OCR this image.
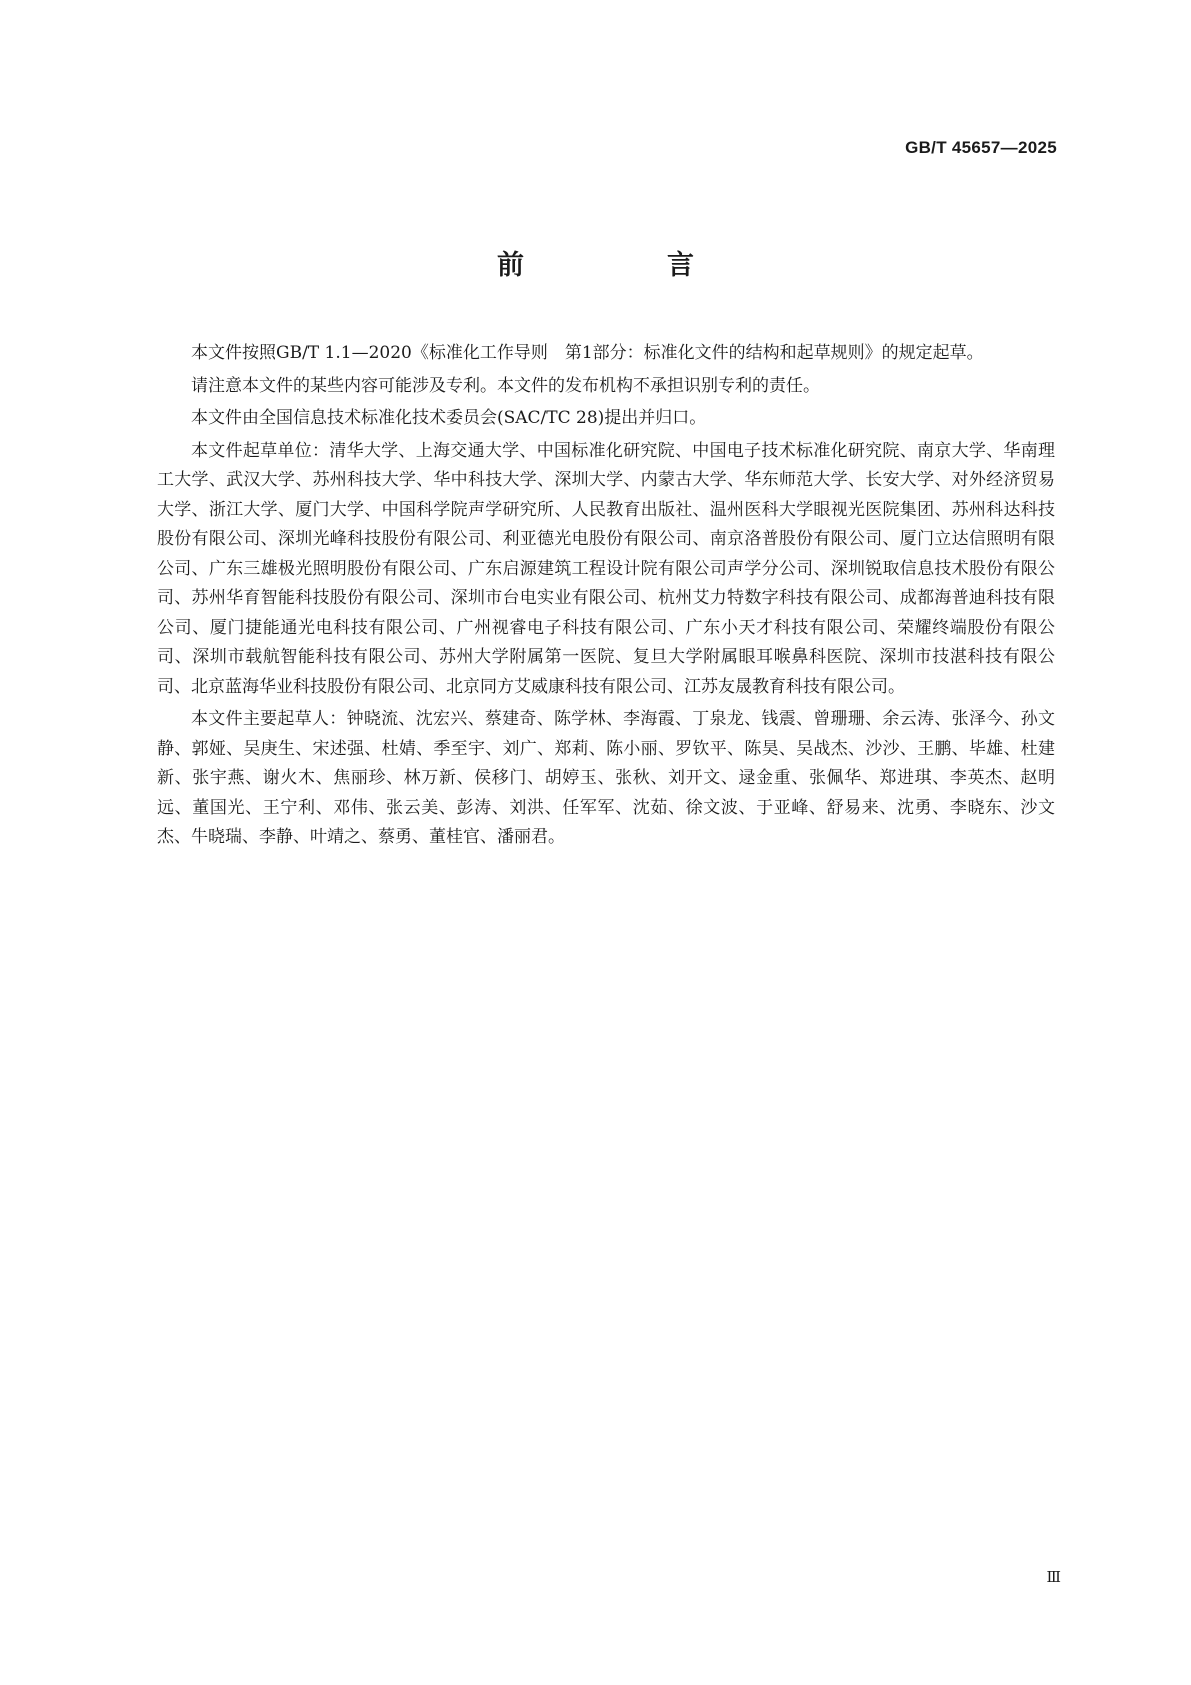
GB/T 45657—2025
前　言

本文件按照GB/T 1.1—2020《标准化工作导则　第1部分：标准化文件的结构和起草规则》的规定起草。

请注意本文件的某些内容可能涉及专利。本文件的发布机构不承担识别专利的责任。

本文件由全国信息技术标准化技术委员会(SAC/TC 28)提出并归口。

本文件起草单位：清华大学、上海交通大学、中国标准化研究院、中国电子技术标准化研究院、南京大学、华南理工大学、武汉大学、苏州科技大学、华中科技大学、深圳大学、内蒙古大学、华东师范大学、长安大学、对外经济贸易大学、浙江大学、厦门大学、中国科学院声学研究所、人民教育出版社、温州医科大学眼视光医院集团、苏州科达科技股份有限公司、深圳光峰科技股份有限公司、利亚德光电股份有限公司、南京洛普股份有限公司、厦门立达信照明有限公司、广东三雄极光照明股份有限公司、广东启源建筑工程设计院有限公司声学分公司、深圳锐取信息技术股份有限公司、苏州华育智能科技股份有限公司、深圳市台电实业有限公司、杭州艾力特数字科技有限公司、成都海普迪科技有限公司、厦门捷能通光电科技有限公司、广州视睿电子科技有限公司、广东小天才科技有限公司、荣耀终端股份有限公司、深圳市载航智能科技有限公司、苏州大学附属第一医院、复旦大学附属眼耳喉鼻科医院、深圳市技湛科技有限公司、北京蓝海华业科技股份有限公司、北京同方艾威康科技有限公司、江苏友晟教育科技有限公司。

本文件主要起草人：钟晓流、沈宏兴、蔡建奇、陈学林、李海霞、丁泉龙、钱震、曾珊珊、余云涛、张泽今、孙文静、郭娅、吴庚生、宋述强、杜婧、季至宇、刘广、郑莉、陈小丽、罗钦平、陈昊、吴战杰、沙沙、王鹏、毕雄、杜建新、张宇燕、谢火木、焦丽珍、林万新、侯移门、胡婷玉、张秋、刘开文、逯金重、张佩华、郑进琪、李英杰、赵明远、董国光、王宁利、邓伟、张云美、彭涛、刘洪、任军军、沈茹、徐文波、于亚峰、舒易来、沈勇、李晓东、沙文杰、牛晓瑞、李静、叶靖之、蔡勇、董桂官、潘丽君。

Ⅲ
